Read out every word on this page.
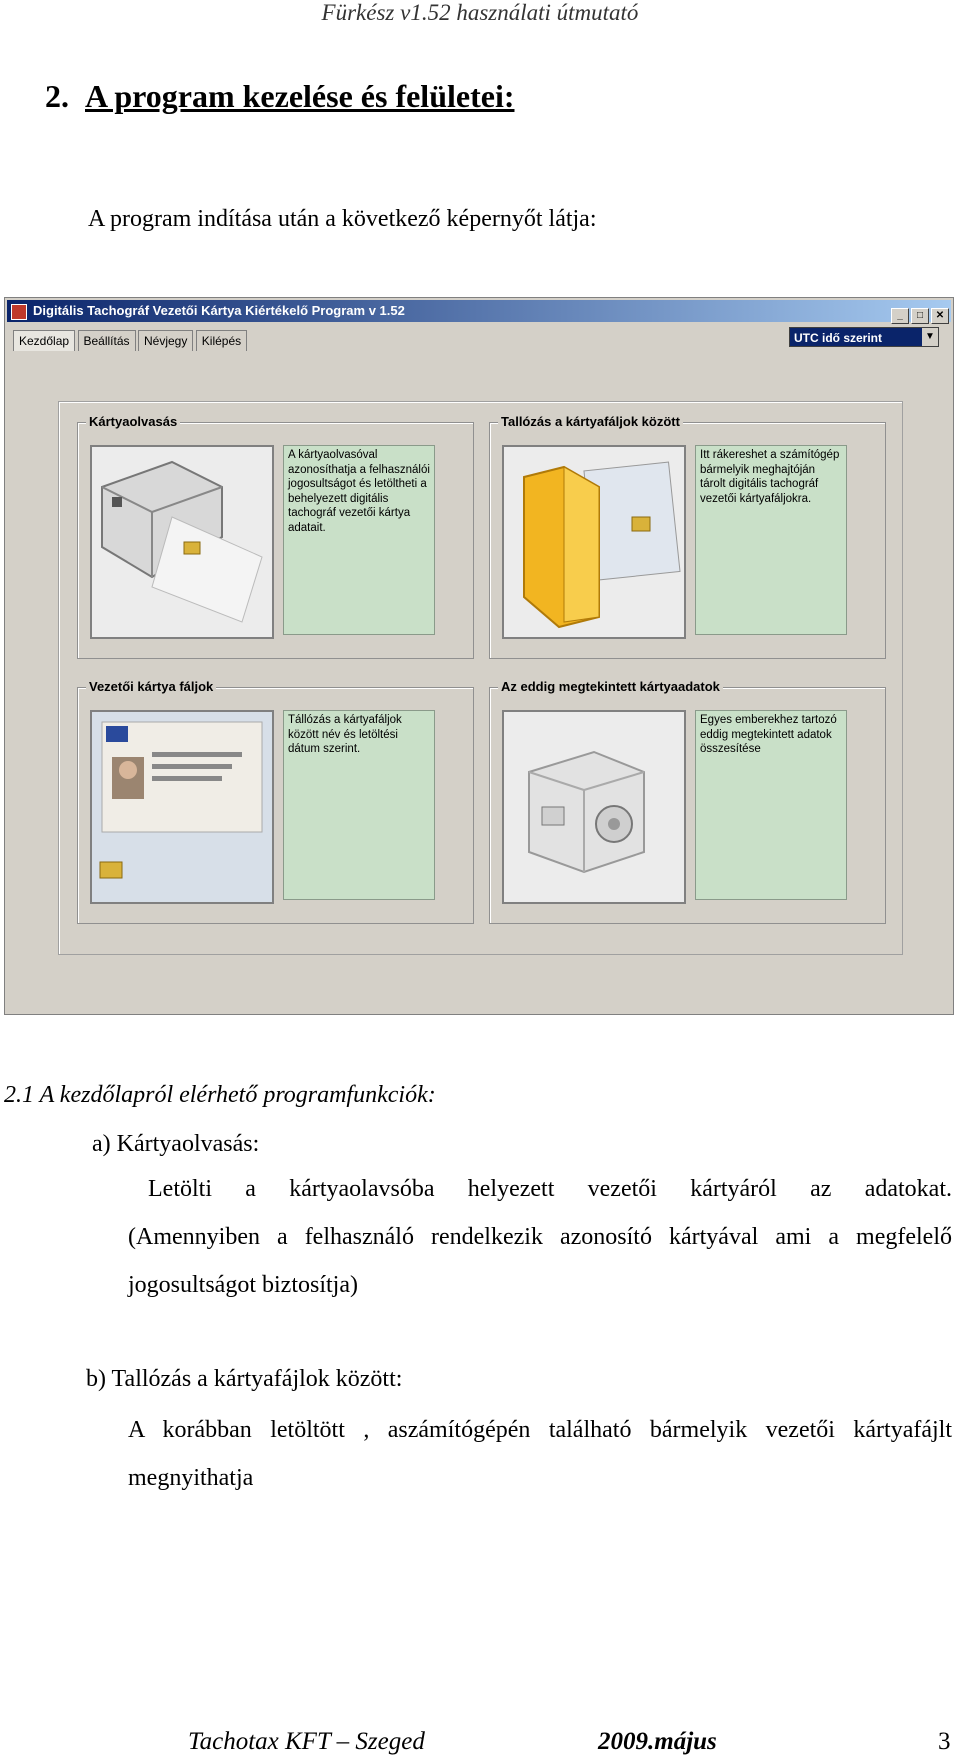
Fürkész v1.52 használati útmutató
2. A program kezelése és felületei:
A program indítása után a következő képernyőt látja:
Digitális Tachográf Vezetői Kártya Kiértékelő Program v 1.52	_ □ ✕
Kezdőlap Beállítás Névjegy Kilépés	UTC idő szerint	▼
Kártyaolvasás
A kártyaolvasóval azonosíthatja a felhasználói jogosultságot és letöltheti a behelyezett digitális tachográf vezetői kártya adatait.
Tallózás a kártyafáljok között
Itt rákereshet a számítógép bármelyik meghajtóján tárolt digitális tachográf vezetői kártyafáljokra.
Vezetői kártya fáljok
Tállózás a kártyafáljok között név és letöltési dátum szerint.
Az eddig megtekintett kártyaadatok
Egyes emberekhez tartozó eddig megtekintett adatok összesítése
2.1 A kezdőlapról elérhető programfunkciók:
a) Kártyaolvasás:
Letölti a kártyaolavsóba helyezett vezetői kártyáról az adatokat.
(Amennyiben a felhasználó rendelkezik azonosító kártyával ami a megfelelő jogosultságot biztosítja)
b) Tallózás a kártyafájlok között:
A korábban letöltött , aszámítógépén található bármelyik vezetői kártyafájlt megnyithatja
Tachotax KFT – Szeged	2009.május	3
